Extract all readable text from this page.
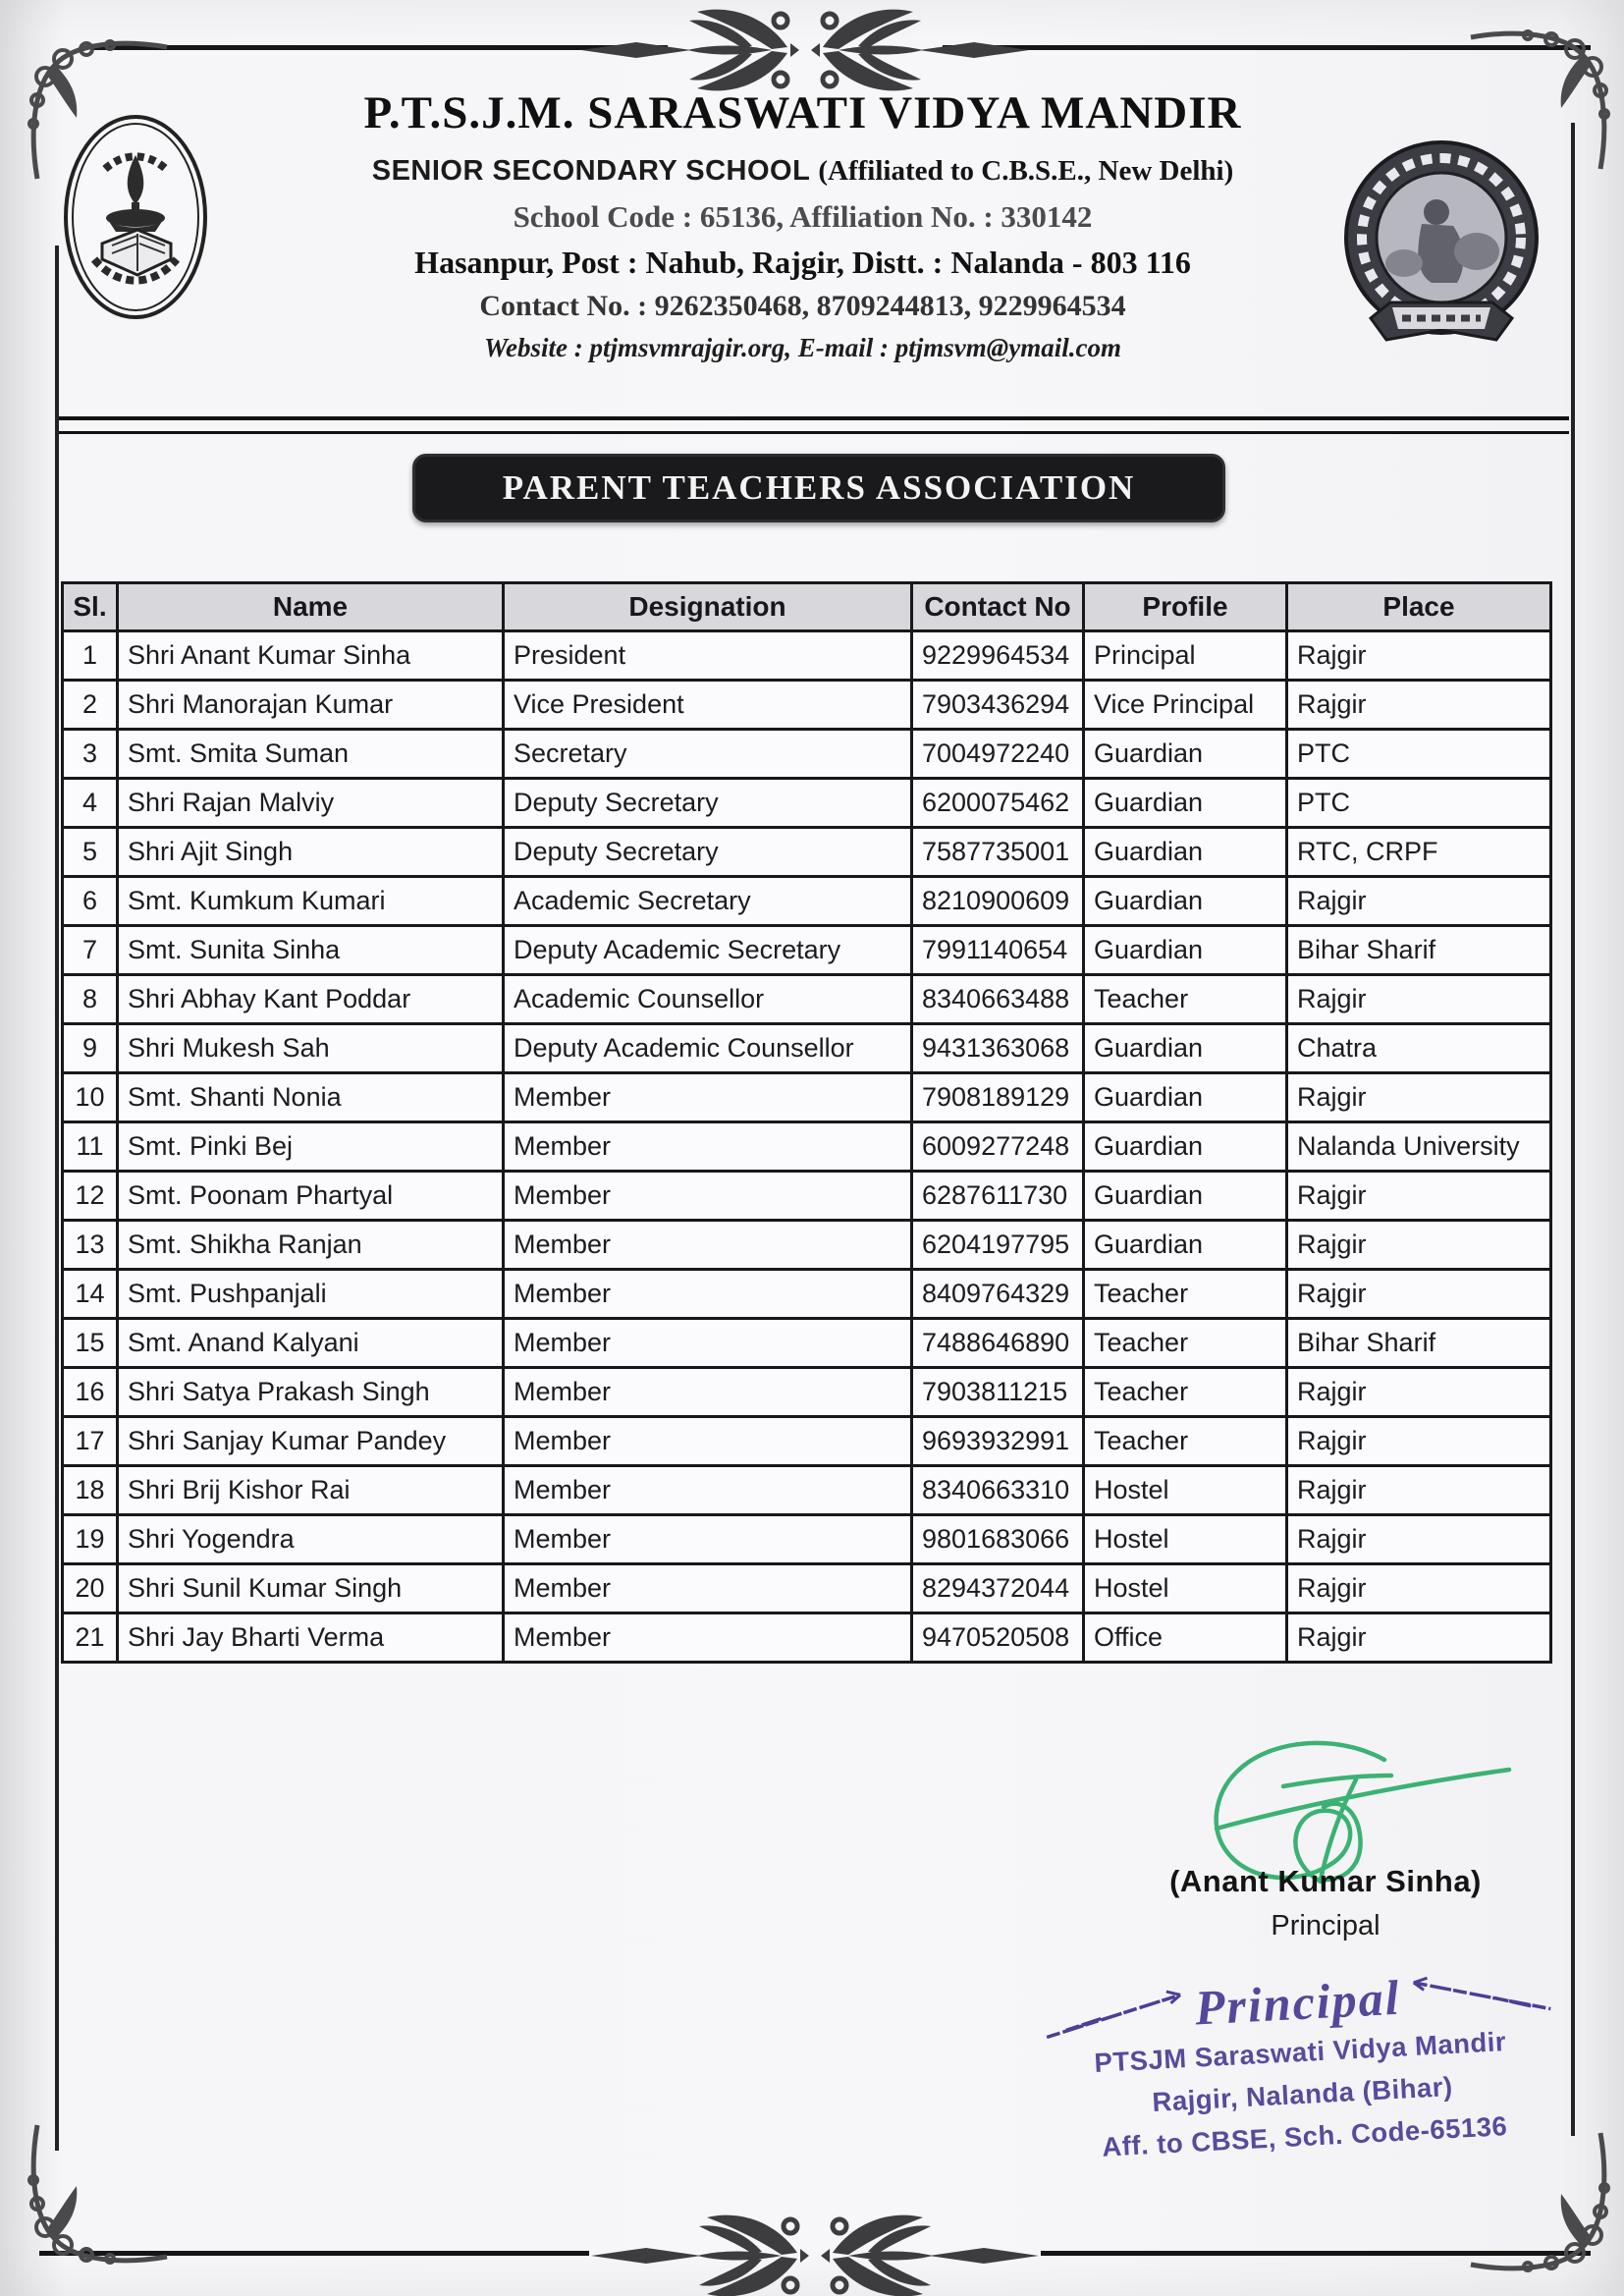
P.T.S.J.M. SARASWATI VIDYA MANDIR
SENIOR SECONDARY SCHOOL (Affiliated to C.B.S.E., New Delhi)
School Code : 65136, Affiliation No. : 330142
Hasanpur, Post : Nahub, Rajgir, Distt. : Nalanda - 803 116
Contact No. : 9262350468, 8709244813, 9229964534
Website : ptjmsvmrajgir.org, E-mail : ptjmsvm@ymail.com
PARENT TEACHERS ASSOCIATION
Sl.	Name	Designation	Contact No	Profile	Place
1	Shri Anant Kumar Sinha	President	9229964534	Principal	Rajgir
2	Shri Manorajan Kumar	Vice President	7903436294	Vice Principal	Rajgir
3	Smt. Smita Suman	Secretary	7004972240	Guardian	PTC
4	Shri Rajan Malviy	Deputy Secretary	6200075462	Guardian	PTC
5	Shri Ajit Singh	Deputy Secretary	7587735001	Guardian	RTC, CRPF
6	Smt. Kumkum Kumari	Academic Secretary	8210900609	Guardian	Rajgir
7	Smt. Sunita Sinha	Deputy Academic Secretary	7991140654	Guardian	Bihar Sharif
8	Shri Abhay Kant Poddar	Academic Counsellor	8340663488	Teacher	Rajgir
9	Shri Mukesh Sah	Deputy Academic Counsellor	9431363068	Guardian	Chatra
10	Smt. Shanti Nonia	Member	7908189129	Guardian	Rajgir
11	Smt. Pinki Bej	Member	6009277248	Guardian	Nalanda University
12	Smt. Poonam Phartyal	Member	6287611730	Guardian	Rajgir
13	Smt. Shikha Ranjan	Member	6204197795	Guardian	Rajgir
14	Smt. Pushpanjali	Member	8409764329	Teacher	Rajgir
15	Smt. Anand Kalyani	Member	7488646890	Teacher	Bihar Sharif
16	Shri Satya Prakash Singh	Member	7903811215	Teacher	Rajgir
17	Shri Sanjay Kumar Pandey	Member	9693932991	Teacher	Rajgir
18	Shri Brij Kishor Rai	Member	8340663310	Hostel	Rajgir
19	Shri Yogendra	Member	9801683066	Hostel	Rajgir
20	Shri Sunil Kumar Singh	Member	8294372044	Hostel	Rajgir
21	Shri Jay Bharti Verma	Member	9470520508	Office	Rajgir
(Anant Kumar Sinha)
Principal
Principal
PTSJM Saraswati Vidya Mandir
Rajgir, Nalanda (Bihar)
Aff. to CBSE, Sch. Code-65136
